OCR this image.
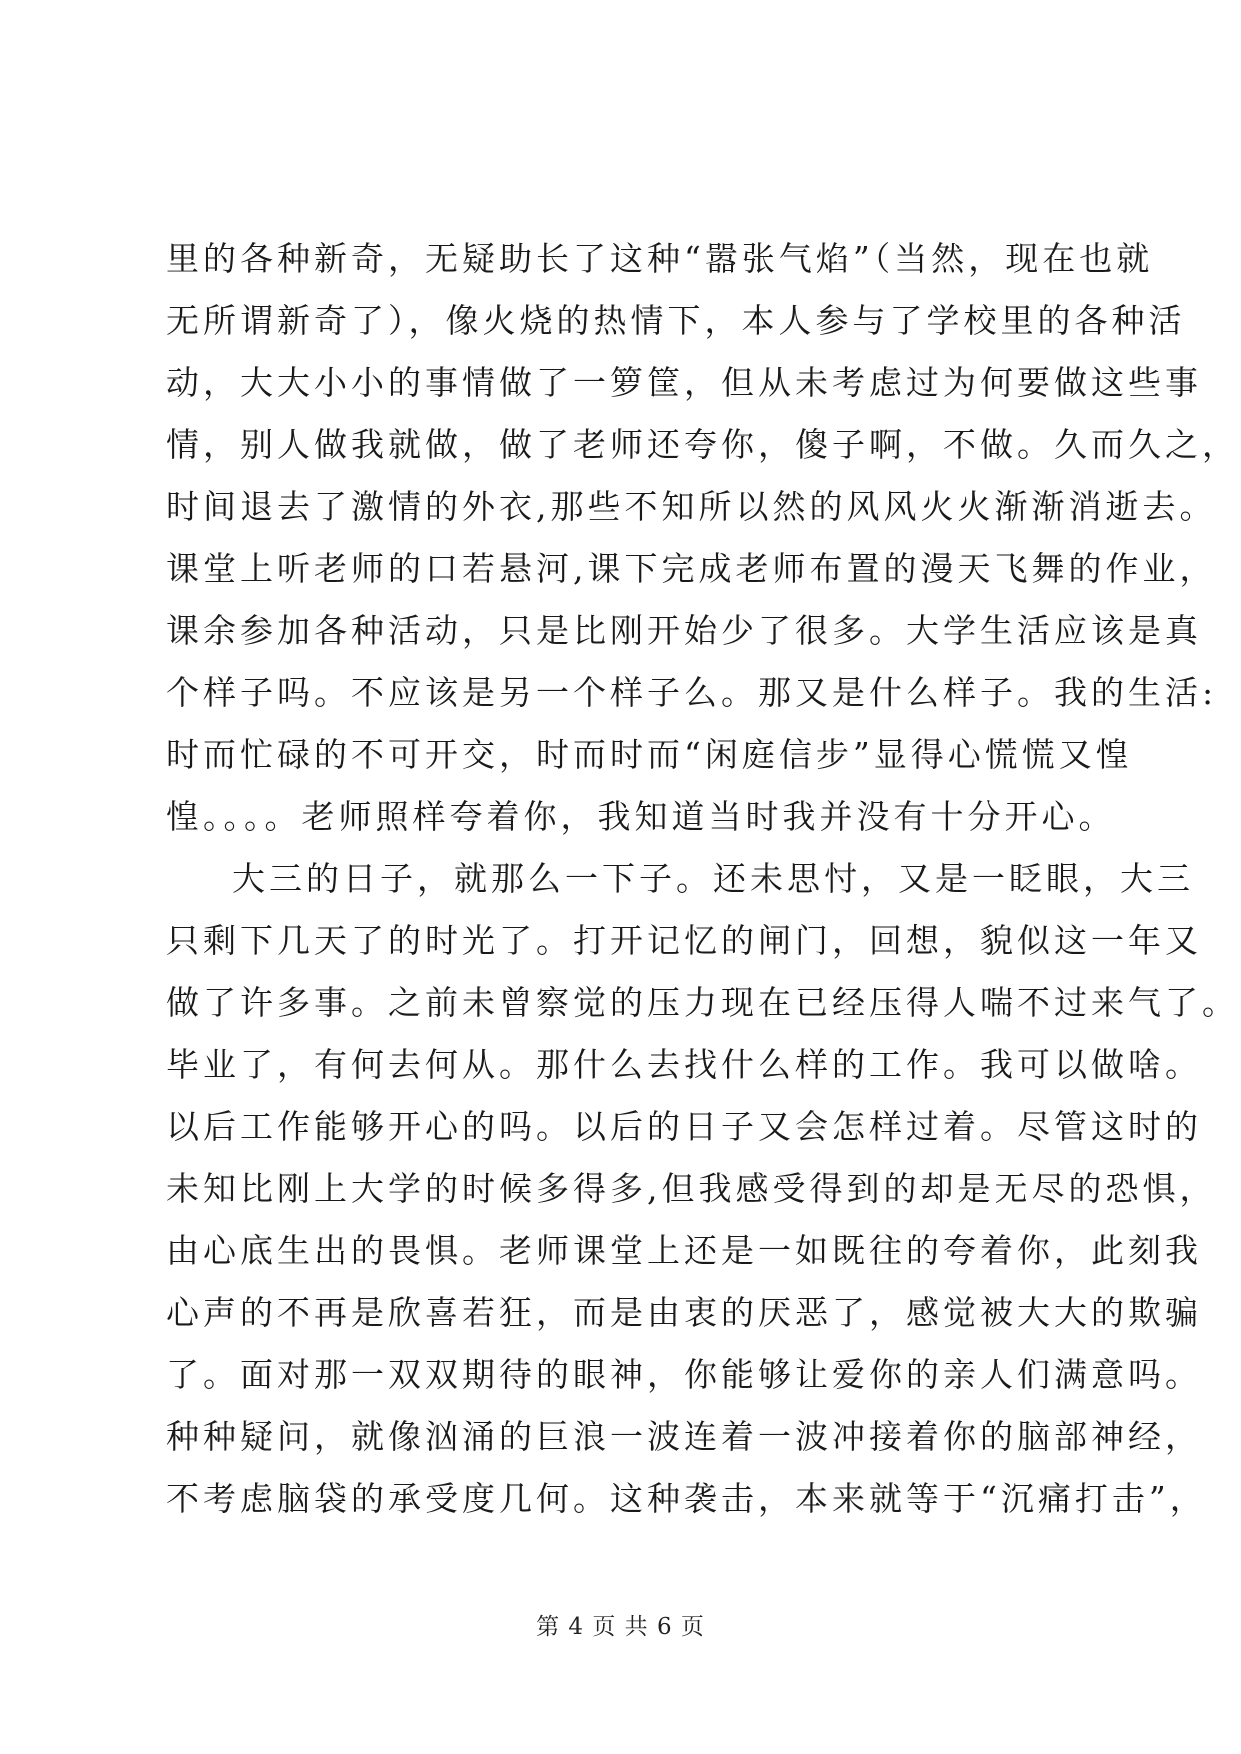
里的各种新奇，无疑助长了这种“嚣张气焰”（当然，现在也就
无所谓新奇了），像火烧的热情下，本人参与了学校里的各种活
动，大大小小的事情做了一箩筐，但从未考虑过为何要做这些事
情，别人做我就做，做了老师还夸你，傻子啊，不做。久而久之，
时间退去了激情的外衣,那些不知所以然的风风火火渐渐消逝去。
课堂上听老师的口若悬河,课下完成老师布置的漫天飞舞的作业，
课余参加各种活动，只是比刚开始少了很多。大学生活应该是真
个样子吗。不应该是另一个样子么。那又是什么样子。我的生活:
时而忙碌的不可开交，时而时而“闲庭信步”显得心慌慌又惶
惶。。。。老师照样夸着你，我知道当时我并没有十分开心。
大三的日子，就那么一下子。还未思忖，又是一眨眼，大三
只剩下几天了的时光了。打开记忆的闸门，回想，貌似这一年又
做了许多事。之前未曾察觉的压力现在已经压得人喘不过来气了。
毕业了，有何去何从。那什么去找什么样的工作。我可以做啥。
以后工作能够开心的吗。以后的日子又会怎样过着。尽管这时的
未知比刚上大学的时候多得多,但我感受得到的却是无尽的恐惧，
由心底生出的畏惧。老师课堂上还是一如既往的夸着你，此刻我
心声的不再是欣喜若狂，而是由衷的厌恶了，感觉被大大的欺骗
了。面对那一双双期待的眼神，你能够让爱你的亲人们满意吗。
种种疑问，就像汹涌的巨浪一波连着一波冲接着你的脑部神经，
不考虑脑袋的承受度几何。这种袭击，本来就等于“沉痛打击”，
第 4 页 共 6 页
